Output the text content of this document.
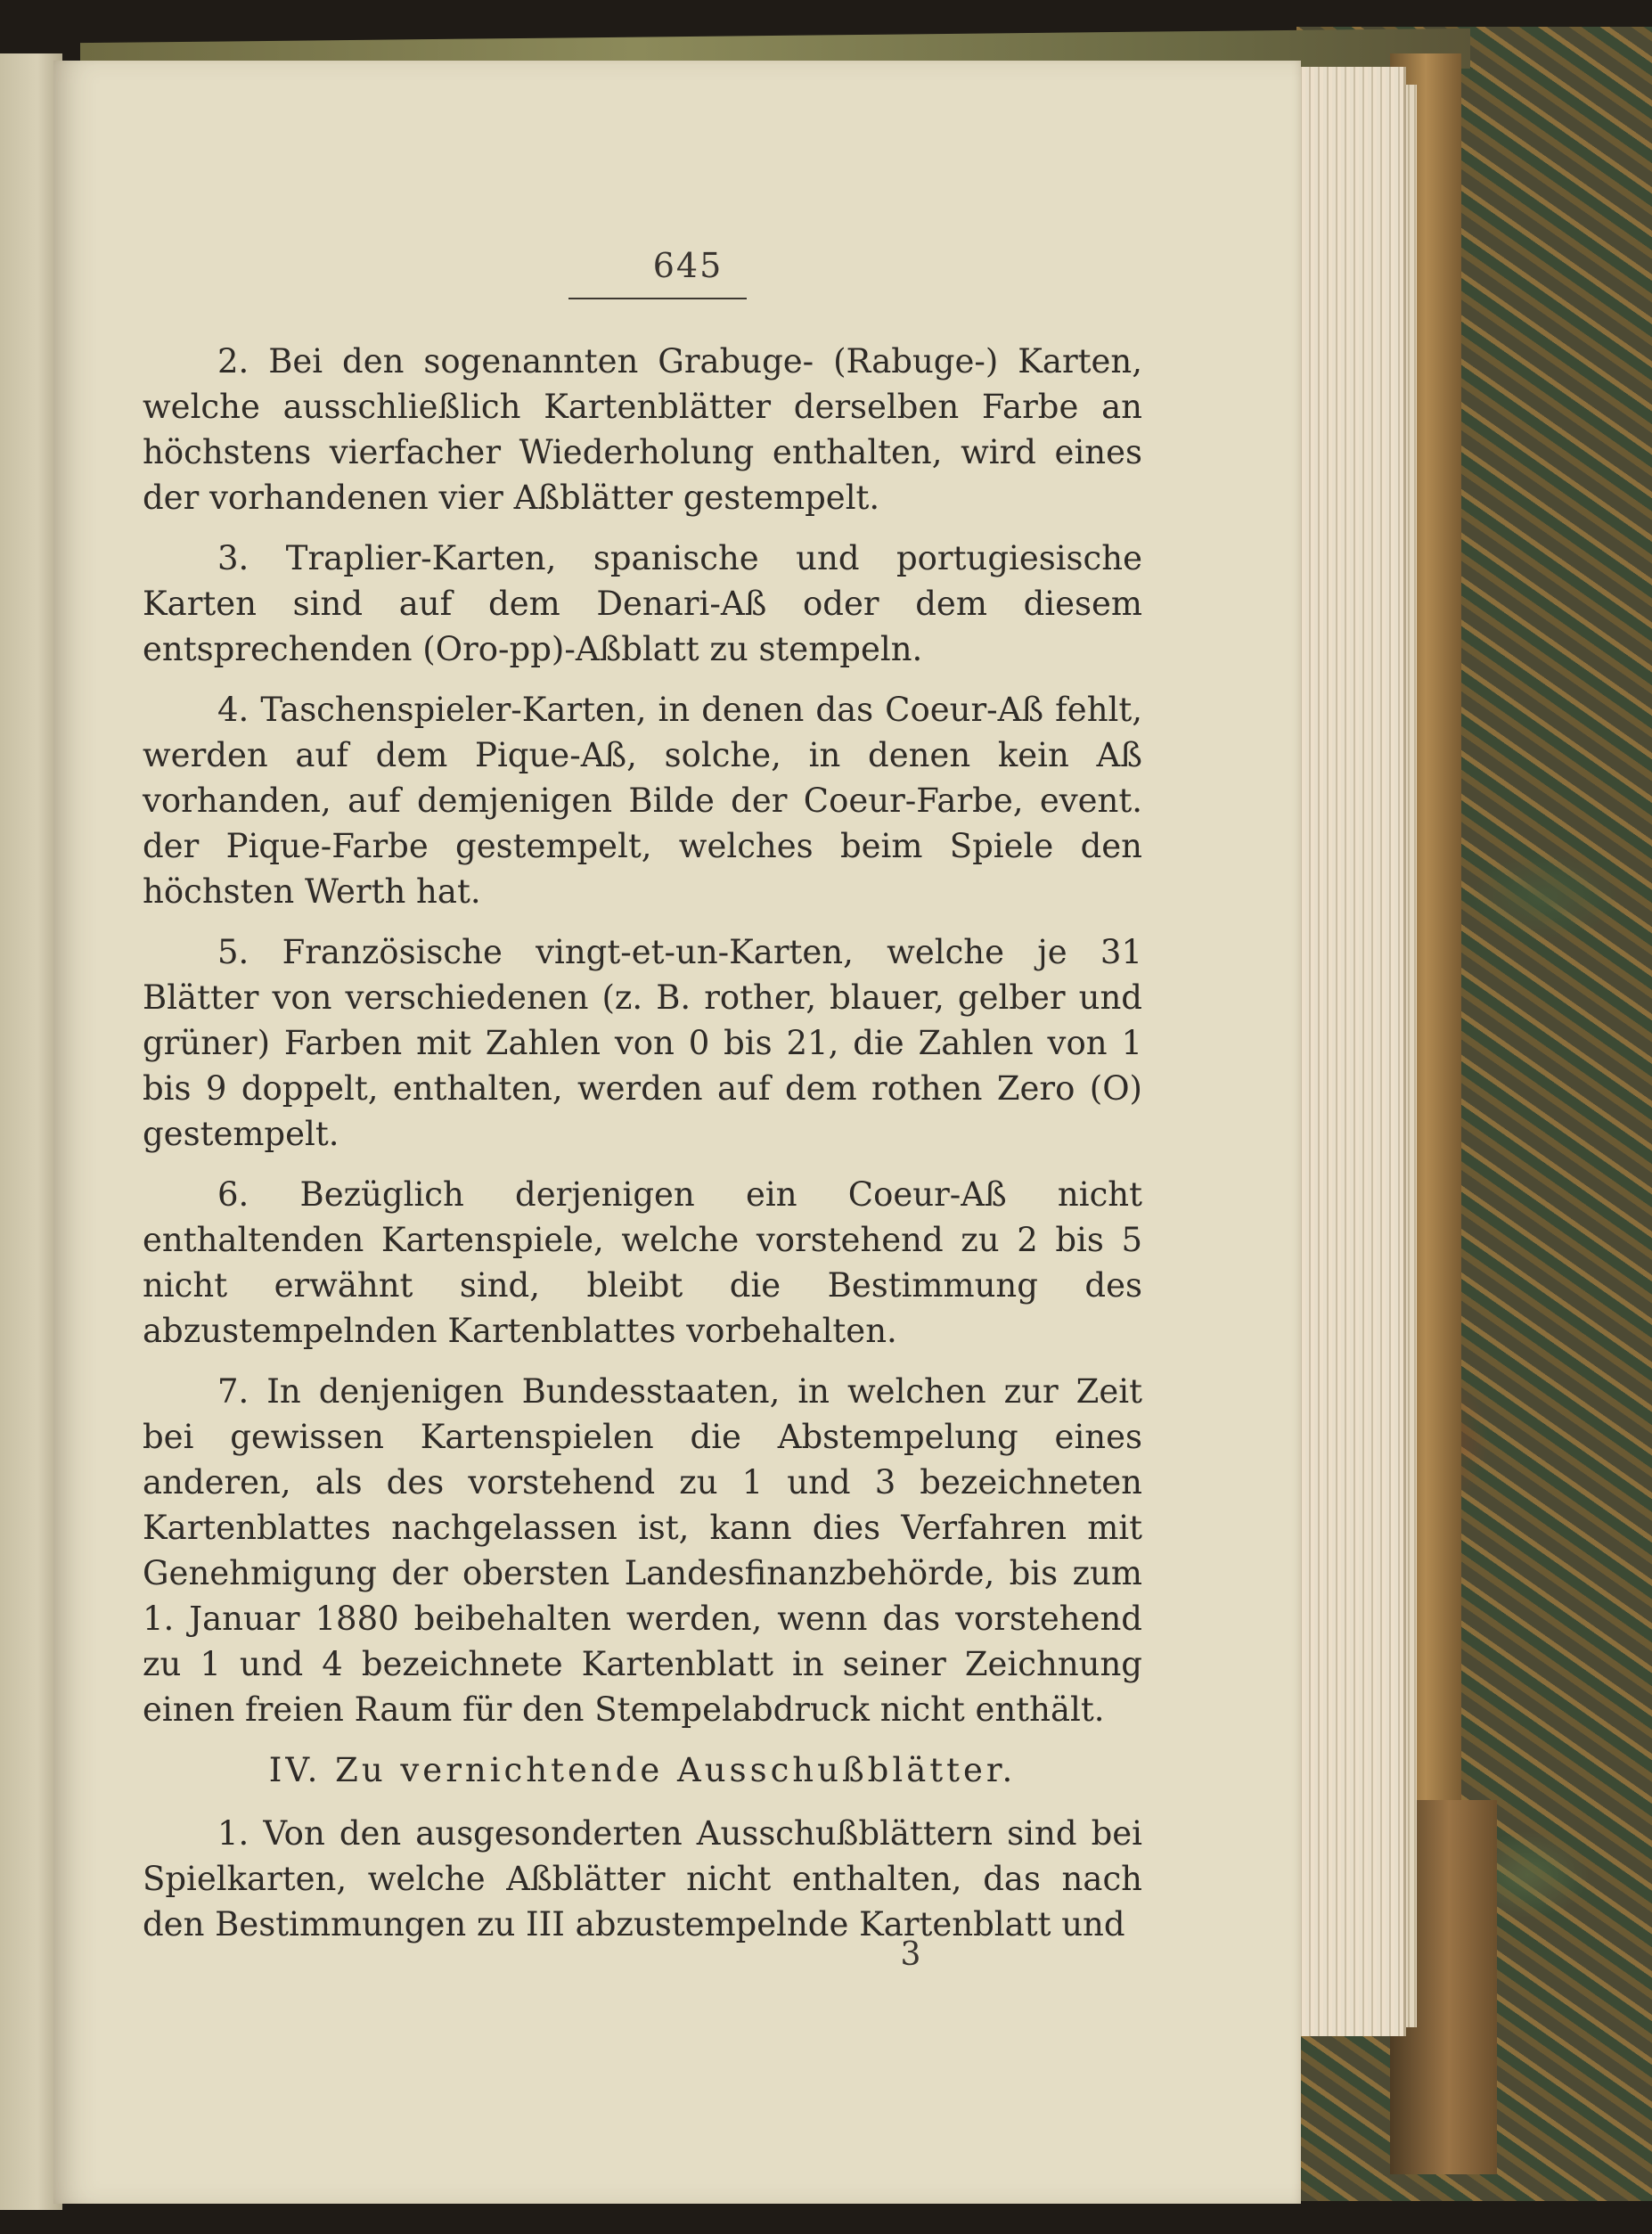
645

2. Bei den sogenannten Grabuge- (Rabuge-) Karten, welche ausschließlich Kartenblätter derselben Farbe an höchstens vierfacher Wiederholung enthalten, wird eines der vorhandenen vier Aßblätter gestempelt.

3. Traplier-Karten, spanische und portugiesische Karten sind auf dem Denari-Aß oder dem diesem entsprechenden (Oro-pp)-Aßblatt zu stempeln.

4. Taschenspieler-Karten, in denen das Coeur-Aß fehlt, werden auf dem Pique-Aß, solche, in denen kein Aß vorhanden, auf demjenigen Bilde der Coeur-Farbe, event. der Pique-Farbe gestempelt, welches beim Spiele den höchsten Werth hat.

5. Französische vingt-et-un-Karten, welche je 31 Blätter von verschiedenen (z. B. rother, blauer, gelber und grüner) Farben mit Zahlen von 0 bis 21, die Zahlen von 1 bis 9 doppelt, enthalten, werden auf dem rothen Zero (O) gestempelt.

6. Bezüglich derjenigen ein Coeur-Aß nicht enthaltenden Kartenspiele, welche vorstehend zu 2 bis 5 nicht erwähnt sind, bleibt die Bestimmung des abzustempelnden Kartenblattes vorbehalten.

7. In denjenigen Bundesstaaten, in welchen zur Zeit bei gewissen Kartenspielen die Abstempelung eines anderen, als des vorstehend zu 1 und 3 bezeichneten Kartenblattes nachgelassen ist, kann dies Verfahren mit Genehmigung der obersten Landesfinanzbehörde, bis zum 1. Januar 1880 beibehalten werden, wenn das vorstehend zu 1 und 4 bezeichnete Kartenblatt in seiner Zeichnung einen freien Raum für den Stempelabdruck nicht enthält.

IV. Zu vernichtende Ausschußblätter.

1. Von den ausgesonderten Ausschußblättern sind bei Spielkarten, welche Aßblätter nicht enthalten, das nach den Bestimmungen zu III abzustempelnde Kartenblatt und

3
